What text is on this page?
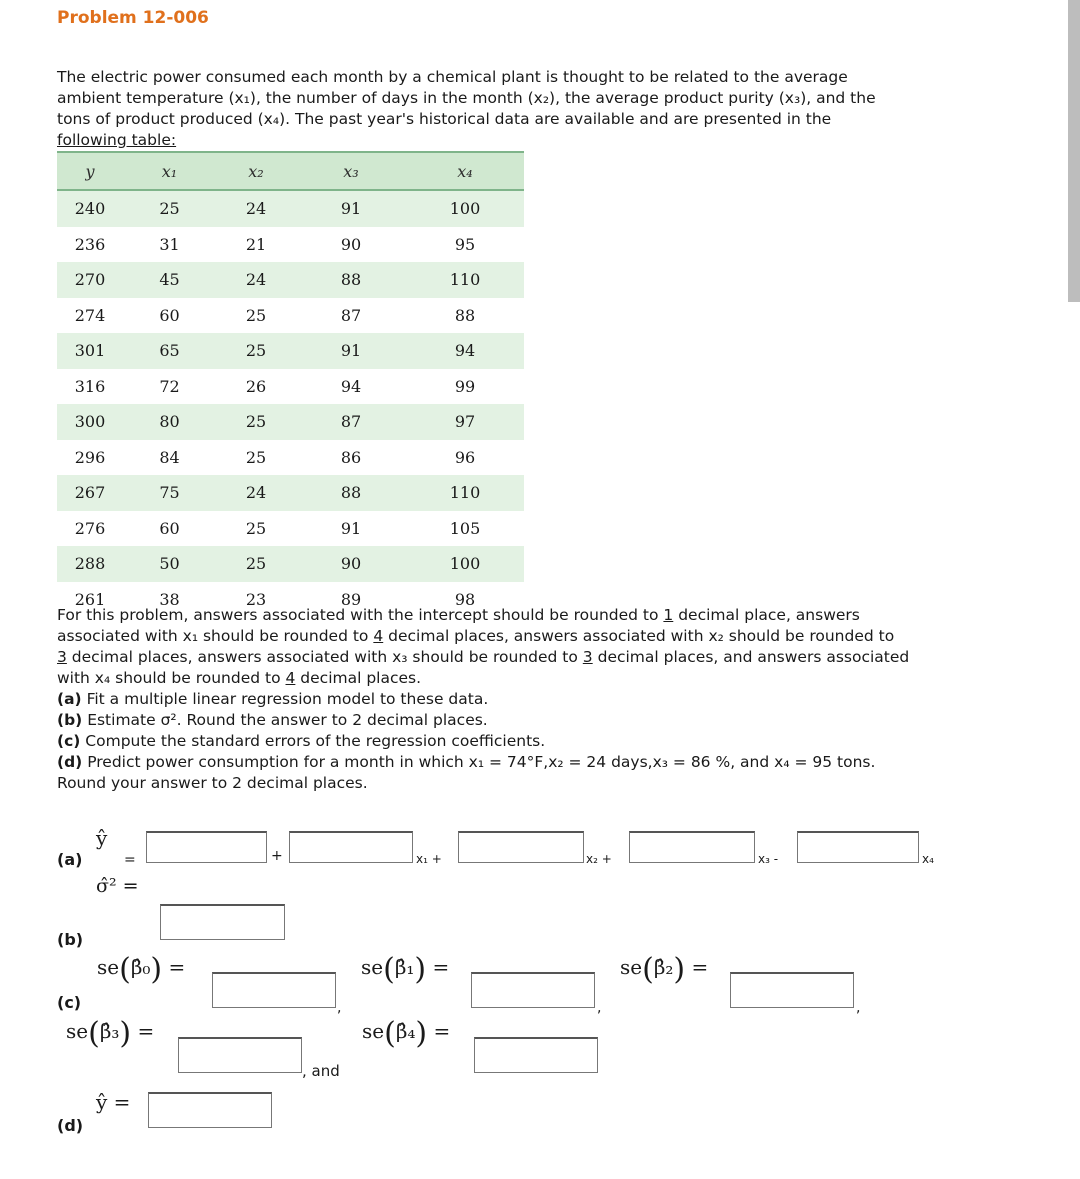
Problem 12-006
The electric power consumed each month by a chemical plant is thought to be related to the average
ambient temperature (x₁), the number of days in the month (x₂), the average product purity (x₃), and the
tons of product produced (x₄). The past year's historical data are available and are presented in the
following table:
y	x₁	x₂	x₃	x₄
240	25	24	91	100
236	31	21	90	95
270	45	24	88	110
274	60	25	87	88
301	65	25	91	94
316	72	26	94	99
300	80	25	87	97
296	84	25	86	96
267	75	24	88	110
276	60	25	91	105
288	50	25	90	100
261	38	23	89	98
For this problem, answers associated with the intercept should be rounded to 1 decimal place, answers
associated with x₁ should be rounded to 4 decimal places, answers associated with x₂ should be rounded to
3 decimal places, answers associated with x₃ should be rounded to 3 decimal places, and answers associated
with x₄ should be rounded to 4 decimal places.
(a) Fit a multiple linear regression model to these data.
(b) Estimate σ². Round the answer to 2 decimal places.
(c) Compute the standard errors of the regression coefficients.
(d) Predict power consumption for a month in which x₁ = 74°F,x₂ = 24 days,x₃ = 86 %, and x₄ = 95 tons.
Round your answer to 2 decimal places.
(a)
ŷ
=	+	x₁ +	x₂ +	x₃ -	x₄
σ̂² =
(b)
se(β̂₀) =
,
se(β̂₁) =
,
se(β̂₂) =
,
(c)
se(β̂₃) =
, and
se(β̂₄) =
ŷ =
(d)
